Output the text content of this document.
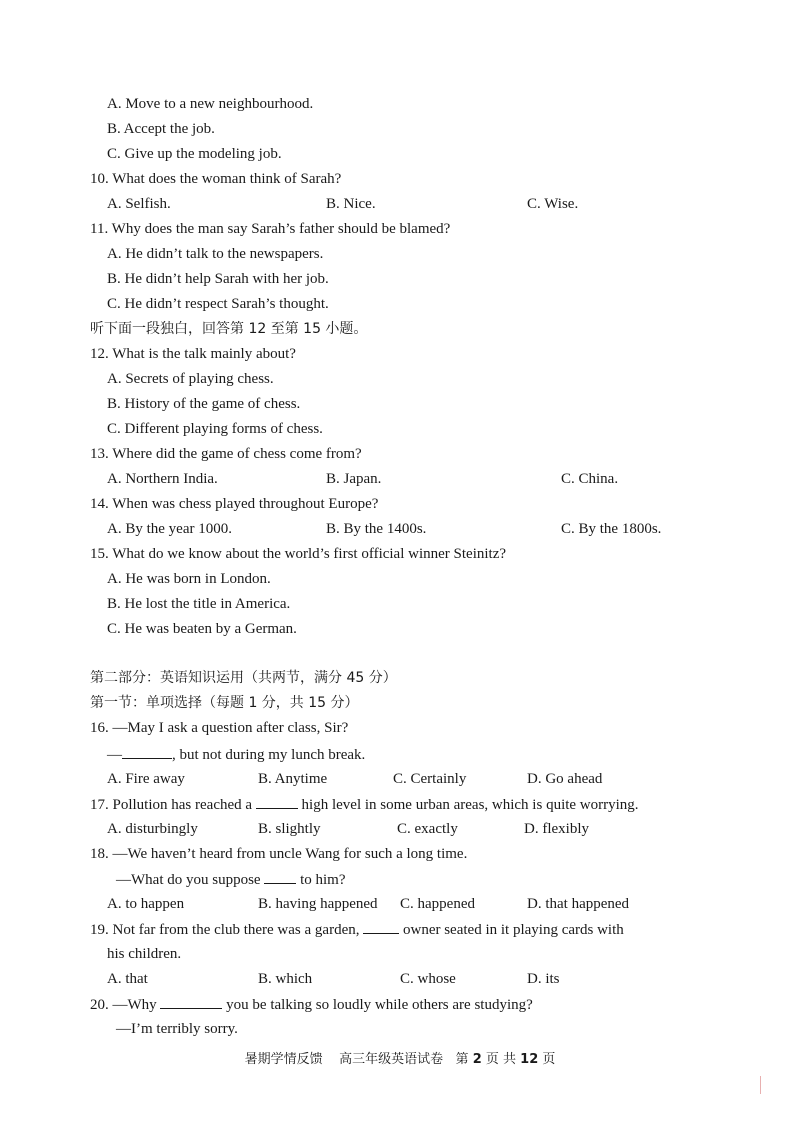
A. Move to a new neighbourhood.
B. Accept the job.
C. Give up the modeling job.
10. What does the woman think of Sarah?
A. Selfish.	B. Nice.	C. Wise.
11. Why does the man say Sarah’s father should be blamed?
A. He didn’t talk to the newspapers.
B. He didn’t help Sarah with her job.
C. He didn’t respect Sarah’s thought.
听下面一段独白，回答第 12 至第 15 小题。
12. What is the talk mainly about?
A. Secrets of playing chess.
B. History of the game of chess.
C. Different playing forms of chess.
13. Where did the game of chess come from?
A. Northern India.	B. Japan.	C. China.
14. When was chess played throughout Europe?
A. By the year 1000.	B. By the 1400s.	C. By the 1800s.
15. What do we know about the world’s first official winner Steinitz?
A. He was born in London.
B. He lost the title in America.
C. He was beaten by a German.
第二部分：英语知识运用（共两节，满分 45 分）
第一节：单项选择（每题 1 分，共 15 分）
16. —May I ask a question after class, Sir?
—	, but not during my lunch break.
A. Fire away	B. Anytime	C. Certainly	D. Go ahead
17. Pollution has reached a	high level in some urban areas, which is quite worrying.
A. disturbingly	B. slightly	C. exactly	D. flexibly
18. —We haven’t heard from uncle Wang for such a long time.
—What do you suppose  to him?
A. to happen	B. having happened C. happened	D. that happened
19. Not far from the club there was a garden,  owner seated in it playing cards with
his children.
A. that	B. which	C. whose	D. its
20. —Why	you be talking so loudly while others are studying?
—I’m terribly sorry.
暑期学情反馈 高三年级英语试卷 第 2 页 共 12 页
